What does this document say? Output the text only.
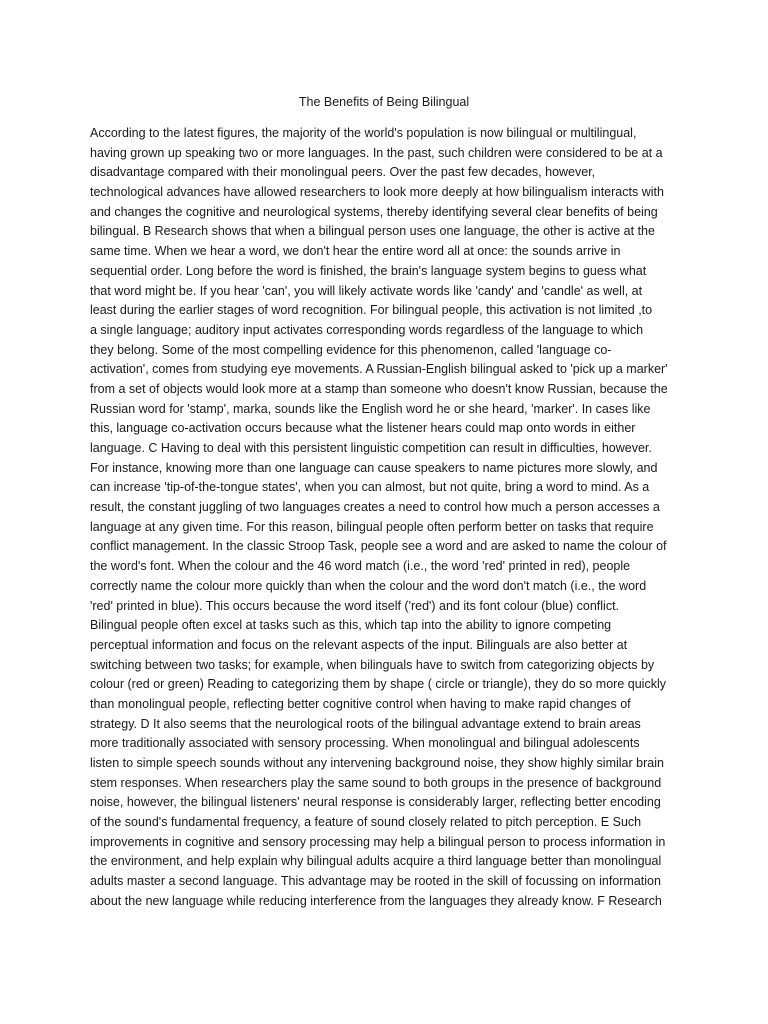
The Benefits of Being Bilingual
According to the latest figures, the majority of the world's population is now bilingual or multilingual,
having grown up speaking two or more languages. In the past, such children were considered to be at a
disadvantage compared with their monolingual peers. Over the past few decades, however,
technological advances have allowed researchers to look more deeply at how bilingualism interacts with
and changes the cognitive and neurological systems, thereby identifying several clear benefits of being
bilingual. B Research shows that when a bilingual person uses one language, the other is active at the
same time. When we hear a word, we don't hear the entire word all at once: the sounds arrive in
sequential order. Long before the word is finished, the brain's language system begins to guess what
that word might be. If you hear 'can', you will likely activate words like 'candy' and 'candle' as well, at
least during the earlier stages of word recognition. For bilingual people, this activation is not limited ,to
a single language; auditory input activates corresponding words regardless of the language to which
they belong. Some of the most compelling evidence for this phenomenon, called 'language co-
activation', comes from studying eye movements. A Russian-English bilingual asked to 'pick up a marker'
from a set of objects would look more at a stamp than someone who doesn't know Russian, because the
Russian word for 'stamp', marka, sounds like the English word he or she heard, 'marker'. In cases like
this, language co-activation occurs because what the listener hears could map onto words in either
language. C Having to deal with this persistent linguistic competition can result in difficulties, however.
For instance, knowing more than one language can cause speakers to name pictures more slowly, and
can increase 'tip-of-the-tongue states', when you can almost, but not quite, bring a word to mind. As a
result, the constant juggling of two languages creates a need to control how much a person accesses a
language at any given time. For this reason, bilingual people often perform better on tasks that require
conflict management. In the classic Stroop Task, people see a word and are asked to name the colour of
the word's font. When the colour and the 46 word match (i.e., the word 'red' printed in red), people
correctly name the colour more quickly than when the colour and the word don't match (i.e., the word
'red' printed in blue). This occurs because the word itself ('red') and its font colour (blue) conflict.
Bilingual people often excel at tasks such as this, which tap into the ability to ignore competing
perceptual information and focus on the relevant aspects of the input. Bilinguals are also better at
switching between two tasks; for example, when bilinguals have to switch from categorizing objects by
colour (red or green) Reading to categorizing them by shape ( circle or triangle), they do so more quickly
than monolingual people, reflecting better cognitive control when having to make rapid changes of
strategy. D It also seems that the neurological roots of the bilingual advantage extend to brain areas
more traditionally associated with sensory processing. When monolingual and bilingual adolescents
listen to simple speech sounds without any intervening background noise, they show highly similar brain
stem responses. When researchers play the same sound to both groups in the presence of background
noise, however, the bilingual listeners' neural response is considerably larger, reflecting better encoding
of the sound's fundamental frequency, a feature of sound closely related to pitch perception. E Such
improvements in cognitive and sensory processing may help a bilingual person to process information in
the environment, and help explain why bilingual adults acquire a third language better than monolingual
adults master a second language. This advantage may be rooted in the skill of focussing on information
about the new language while reducing interference from the languages they already know. F Research
